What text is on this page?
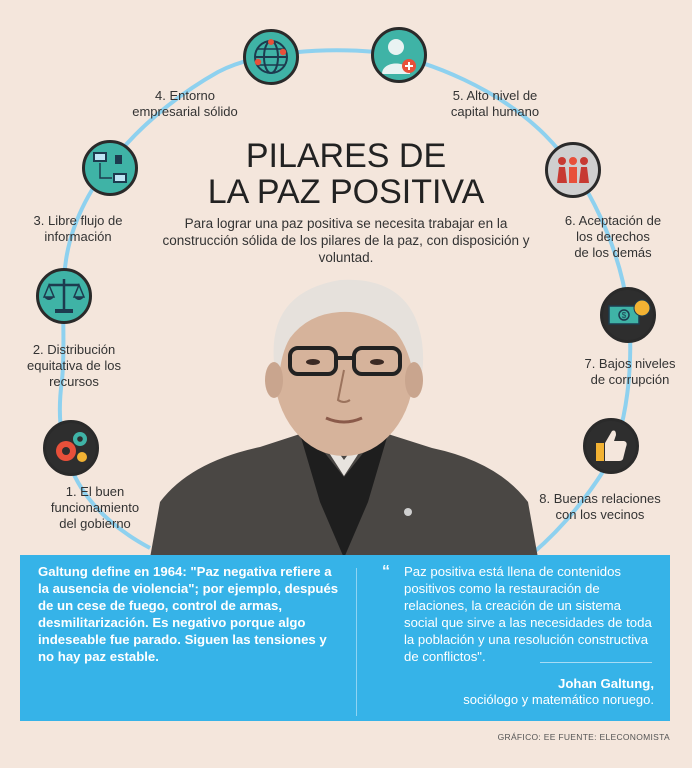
PILARES DE
LA PAZ POSITIVA
Para lograr una paz positiva se necesita trabajar en la construcción sólida de los pilares de la paz, con disposición y voluntad.
4. Entorno
empresarial sólido
5. Alto nivel de
capital humano
3. Libre flujo de
información
6. Aceptación de
los derechos
de los demás
2. Distribución
equitativa de los
recursos
$
7. Bajos niveles
de corrupción
1. El buen
funcionamiento
del gobierno
8. Buenas relaciones
con los vecinos
Galtung define en 1964: "Paz negativa refiere a la ausencia de violencia"; por ejemplo, después de un cese de fuego, control de armas, desmilitarización. Es negativo porque algo indeseable fue parado. Siguen las tensiones y no hay paz estable.
“ Paz positiva está llena de contenidos positivos como la restauración de relaciones, la creación de un sistema social que sirve a las necesidades de toda la población y una resolución constructiva de conflictos".
Johan Galtung,
sociólogo y matemático noruego.
GRÁFICO: EE FUENTE: ELECONOMISTA
